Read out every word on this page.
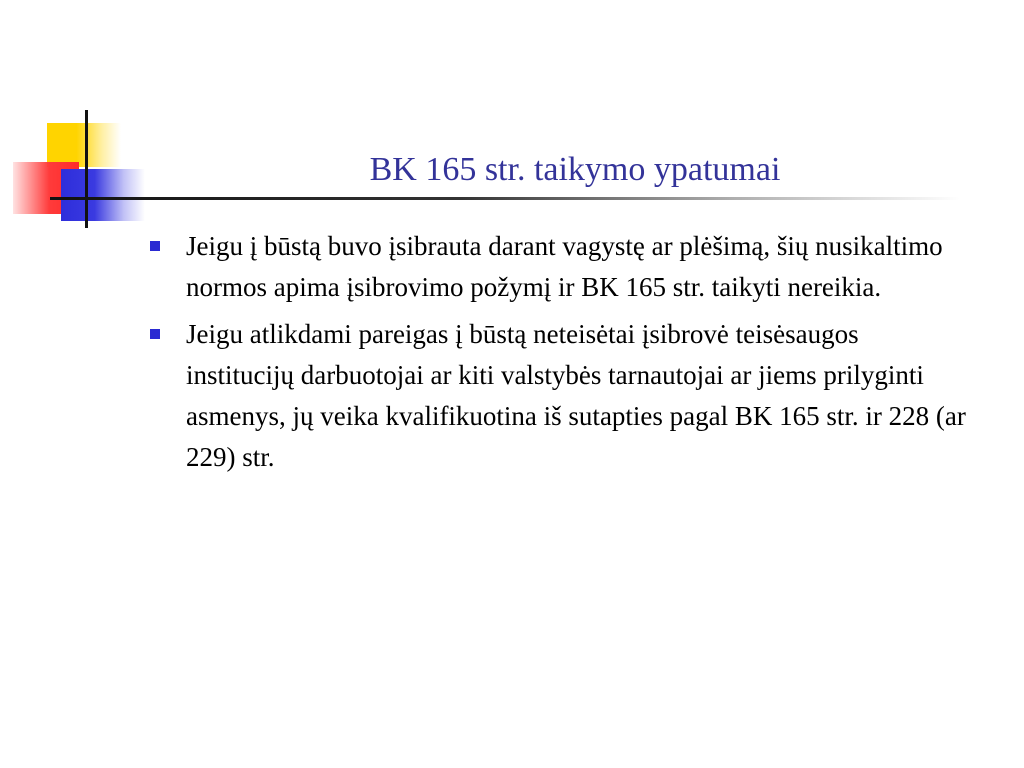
BK 165 str. taikymo ypatumai
Jeigu į būstą buvo įsibrauta darant vagystę ar plėšimą, šių nusikaltimo normos apima įsibrovimo požymį ir BK 165 str. taikyti nereikia.
Jeigu atlikdami pareigas į būstą neteisėtai įsibrovė teisėsaugos institucijų darbuotojai ar kiti valstybės tarnautojai ar jiems prilyginti asmenys, jų veika kvalifikuotina iš sutapties pagal BK 165 str. ir 228 (ar 229) str.
